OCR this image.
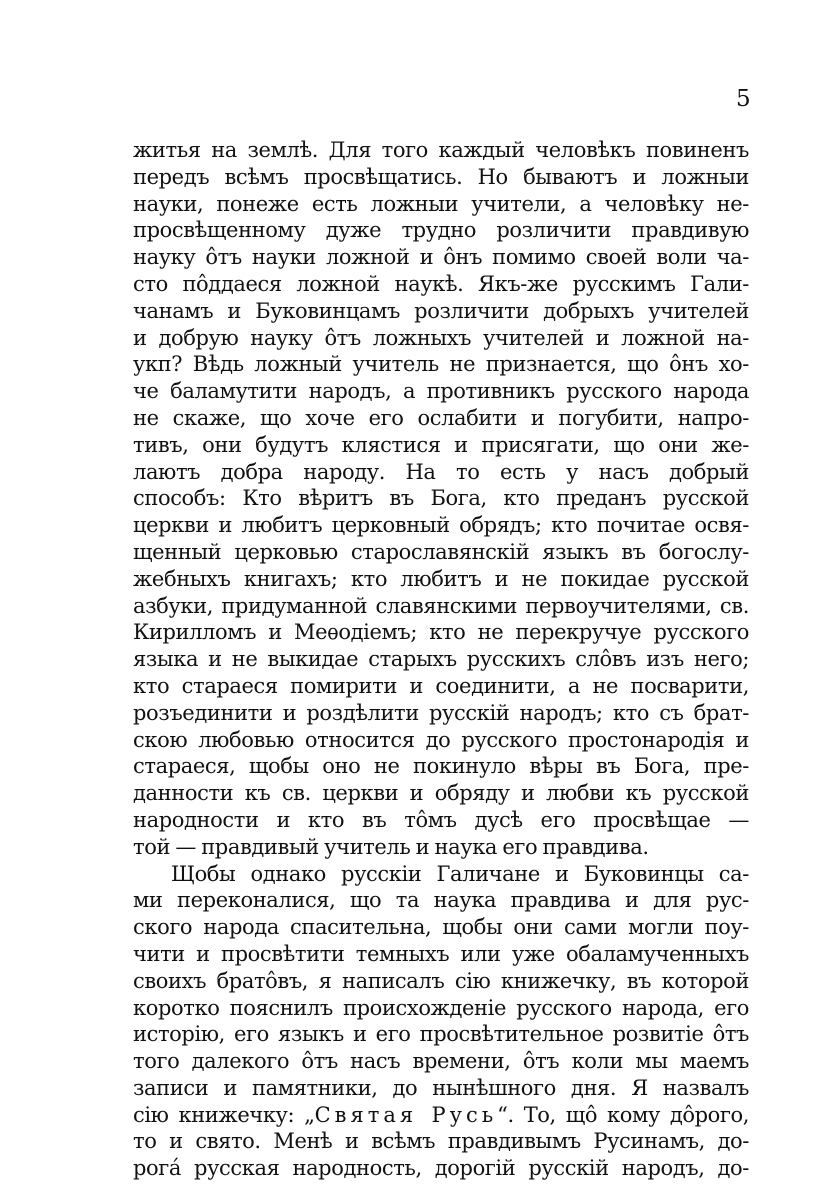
5
житья на землѣ. Для того каждый человѣкъ повиненъ
передъ всѣмъ просвѣщатись. Но бываютъ и ложныи
науки, понеже есть ложныи учители, а человѣку не-
просвѣщенному дуже трудно розличити правдивую
науку ôтъ науки ложной и ôнъ помимо своей воли ча-
сто пôддаеся ложной наукѣ. Якъ-же русскимъ Гали-
чанамъ и Буковинцамъ розличити добрыхъ учителей
и добрую науку ôтъ ложныхъ учителей и ложной на-
укп? Вѣдь ложный учитель не признается, що ôнъ хо-
че баламутити народъ, а противникъ русского народа
не скаже, що хоче его ослабити и погубити, напро-
тивъ, они будутъ клястися и присягати, що они же-
лаютъ добра народу. На то есть у насъ добрый
способъ: Кто вѣритъ въ Бога, кто преданъ русской
церкви и любитъ церковный обрядъ; кто почитае освя-
щенный церковью старославянскій языкъ въ богослу-
жебныхъ книгахъ; кто любитъ и не покидае русской
азбуки, придуманной славянскими первоучителями, св.
Кирилломъ и Меѳодіемъ; кто не перекручуе русского
языка и не выкидае старыхъ русскихъ слôвъ изъ него;
кто стараеся помирити и соединити, а не посварити,
розъединити и роздѣлити русскій народъ; кто съ брат-
скою любовью относится до русского простонародія и
стараеся, щобы оно не покинуло вѣры въ Бога, пре-
данности къ св. церкви и обряду и любви къ русской
народности и кто въ тôмъ дусѣ его просвѣщае —
той — правдивый учитель и наука его правдива.
Щобы однако русскіи Галичане и Буковинцы са-
ми переконалися, що та наука правдива и для рус-
ского народа спасительна, щобы они сами могли поу-
чити и просвѣтити темныхъ или уже обаламученныхъ
своихъ братôвъ, я написалъ сію книжечку, въ которой
коротко пояснилъ происхожденіе русского народа, его
исторію, его языкъ и его просвѣтительное розвитіе ôтъ
того далекого ôтъ насъ времени, ôтъ коли мы маемъ
записи и памятники, до нынѣшного дня. Я назвалъ
сію книжечку: „Святая Русь“. То, щô кому дôрого,
то и свято. Менѣ и всѣмъ правдивымъ Русинамъ, до-
рогá русская народность, дорогій русскій народъ, до-
